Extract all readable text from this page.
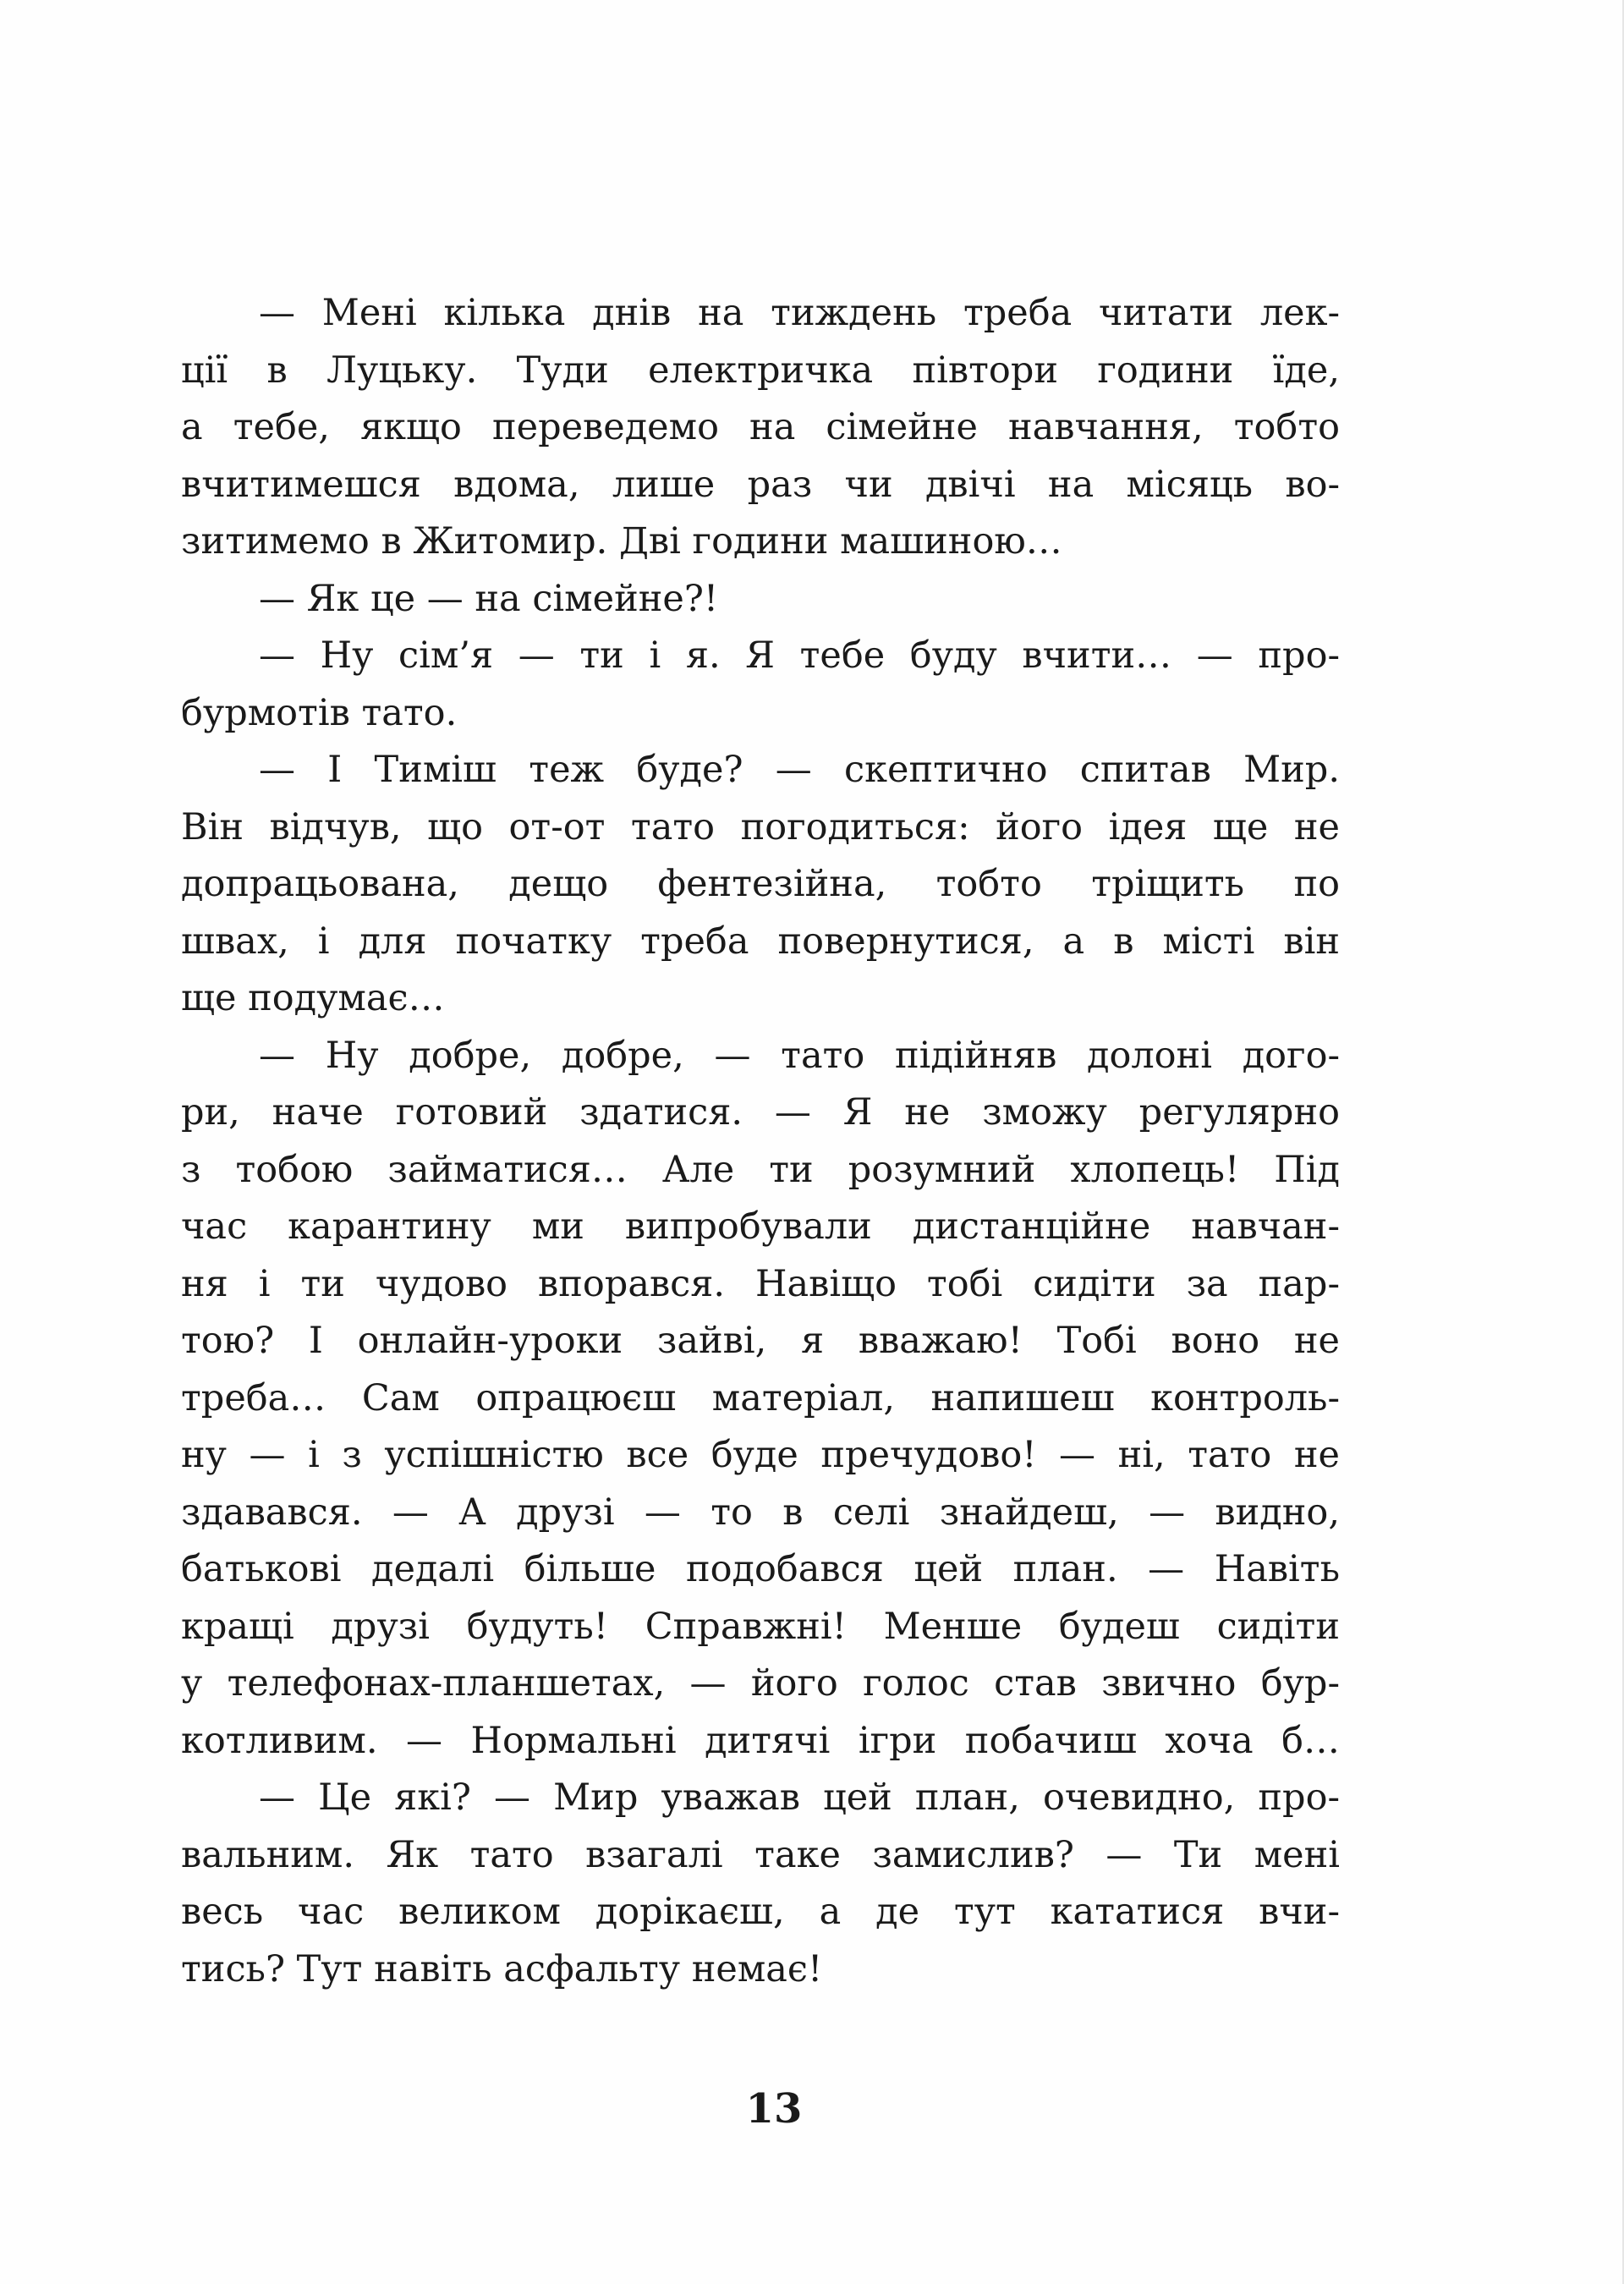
— Мені кілька днів на тиждень треба читати лек-
ції в Луцьку. Туди електричка півтори години їде,
а тебе, якщо переведемо на сімейне навчання, тобто
вчитимешся вдома, лише раз чи двічі на місяць во-
зитимемо в Житомир. Дві години машиною…
— Як це — на сімейне?!
— Ну сім’я — ти і я. Я тебе буду вчити… — про-
бурмотів тато.
— І Тиміш теж буде? — скептично спитав Мир.
Він відчув, що от-от тато погодиться: його ідея ще не
допрацьована, дещо фентезійна, тобто тріщить по
швах, і для початку треба повернутися, а в місті він
ще подумає…
— Ну добре, добре, — тато підійняв долоні дого-
ри, наче готовий здатися. — Я не зможу регулярно
з тобою займатися… Але ти розумний хлопець! Під
час карантину ми випробували дистанційне навчан-
ня і ти чудово впорався. Навіщо тобі сидіти за пар-
тою? І онлайн-уроки зайві, я вважаю! Тобі воно не
треба… Сам опрацюєш матеріал, напишеш контроль-
ну — і з успішністю все буде пречудово! — ні, тато не
здавався. — А друзі — то в селі знайдеш, — видно,
батькові дедалі більше подобався цей план. — Навіть
кращі друзі будуть! Справжні! Менше будеш сидіти
у телефонах-планшетах, — його голос став звично бур-
котливим. — Нормальні дитячі ігри побачиш хоча б…
— Це які? — Мир уважав цей план, очевидно, про-
вальним. Як тато взагалі таке замислив? — Ти мені
весь час великом дорікаєш, а де тут кататися вчи-
тись? Тут навіть асфальту немає!
13
